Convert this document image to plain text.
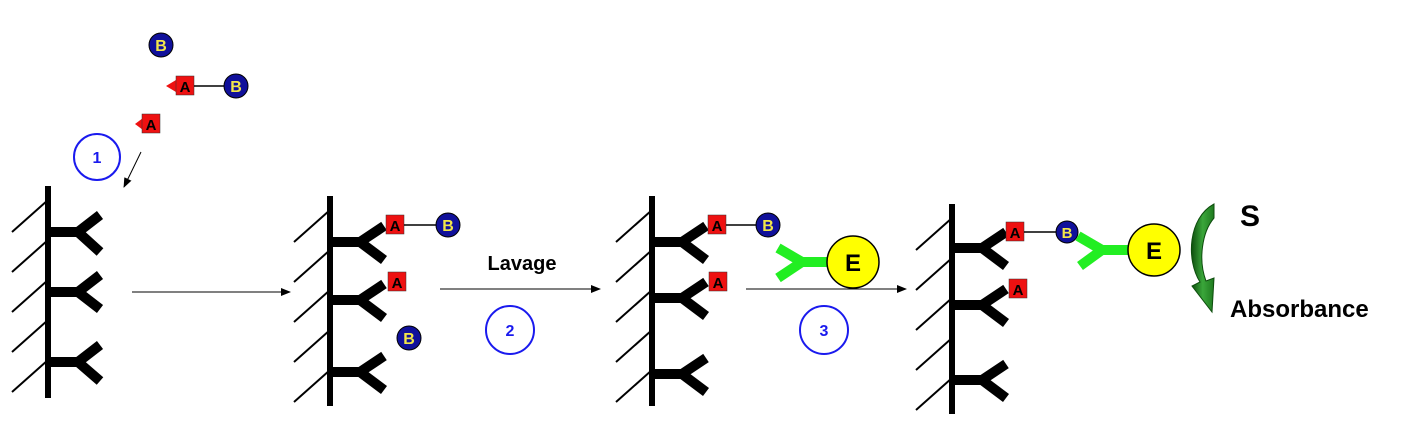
B
A B
A
1
A	B
A
B
Lavage
2
A B
A
E
3
A	B
A
E
S
Absorbance
